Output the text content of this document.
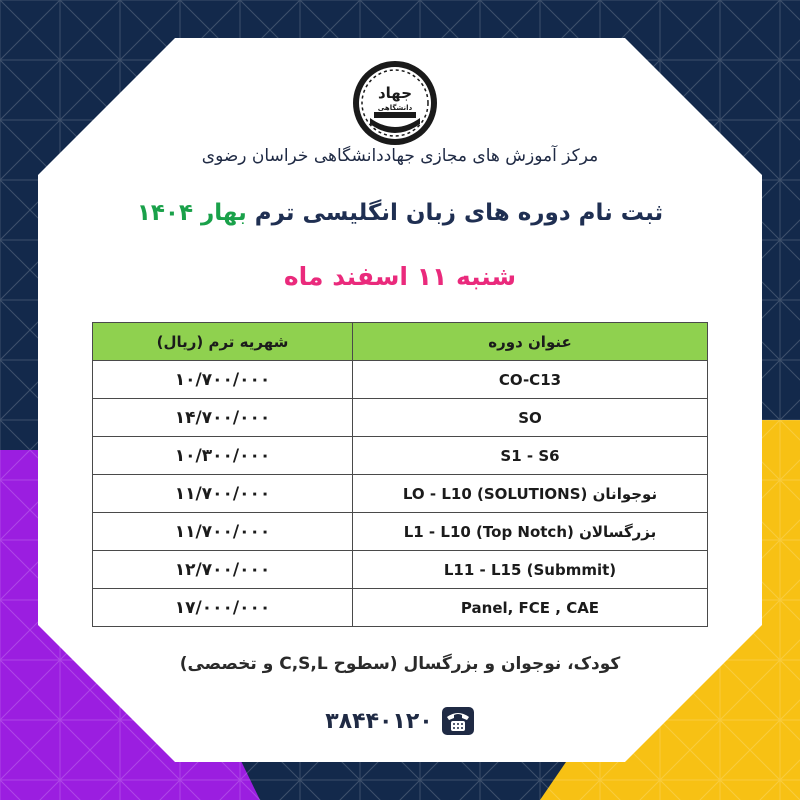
جهاد
دانشگاهی
مرکز آموزش های مجازی جهاددانشگاهی خراسان رضوی
ثبت نام دوره های زبان انگلیسی ترم بهار ۱۴۰۴
شنبه ۱۱ اسفند ماه
عنوان دوره	شهریه ترم (ریال)
CO-C13	۱۰/۷۰۰/۰۰۰
SO	۱۴/۷۰۰/۰۰۰
S1 - S6	۱۰/۳۰۰/۰۰۰
LO - L10 (SOLUTIONS) نوجوانان	۱۱/۷۰۰/۰۰۰
L1 - L10 (Top Notch) بزرگسالان	۱۱/۷۰۰/۰۰۰
L11 - L15 (Submmit)	۱۲/۷۰۰/۰۰۰
Panel, FCE , CAE	۱۷/۰۰۰/۰۰۰
کودک، نوجوان و بزرگسال (سطوح C,S,L و تخصصی)
۳۸۴۴۰۱۲۰
